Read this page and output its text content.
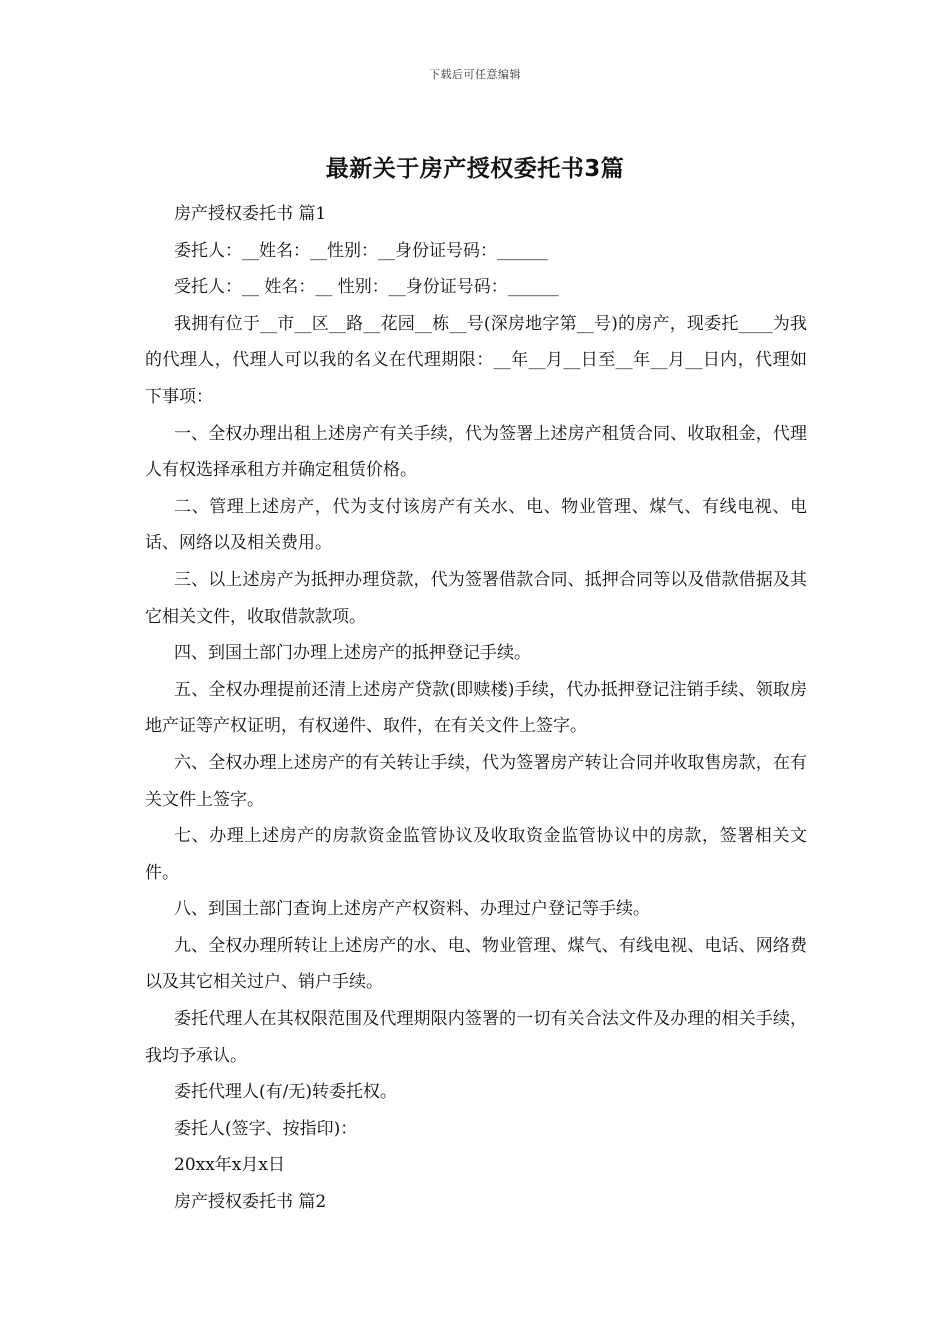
下载后可任意编辑
最新关于房产授权委托书3篇

房产授权委托书 篇1

委托人：__姓名：__性别：__身份证号码：______

受托人：__ 姓名：__ 性别：__身份证号码：______

我拥有位于__市__区__路__花园__栋__号(深房地字第__号)的房产，现委托____为我的代理人，代理人可以我的名义在代理期限：__年__月__日至__年__月__日内，代理如下事项：

一、全权办理出租上述房产有关手续，代为签署上述房产租赁合同、收取租金，代理人有权选择承租方并确定租赁价格。

二、管理上述房产，代为支付该房产有关水、电、物业管理、煤气、有线电视、电话、网络以及相关费用。

三、以上述房产为抵押办理贷款，代为签署借款合同、抵押合同等以及借款借据及其它相关文件，收取借款款项。

四、到国土部门办理上述房产的抵押登记手续。

五、全权办理提前还清上述房产贷款(即赎楼)手续，代办抵押登记注销手续、领取房地产证等产权证明，有权递件、取件，在有关文件上签字。

六、全权办理上述房产的有关转让手续，代为签署房产转让合同并收取售房款，在有关文件上签字。

七、办理上述房产的房款资金监管协议及收取资金监管协议中的房款，签署相关文件。

八、到国土部门查询上述房产产权资料、办理过户登记等手续。

九、全权办理所转让上述房产的水、电、物业管理、煤气、有线电视、电话、网络费以及其它相关过户、销户手续。

委托代理人在其权限范围及代理期限内签署的一切有关合法文件及办理的相关手续，我均予承认。

委托代理人(有/无)转委托权。

委托人(签字、按指印)：

20xx年x月x日

房产授权委托书 篇2
